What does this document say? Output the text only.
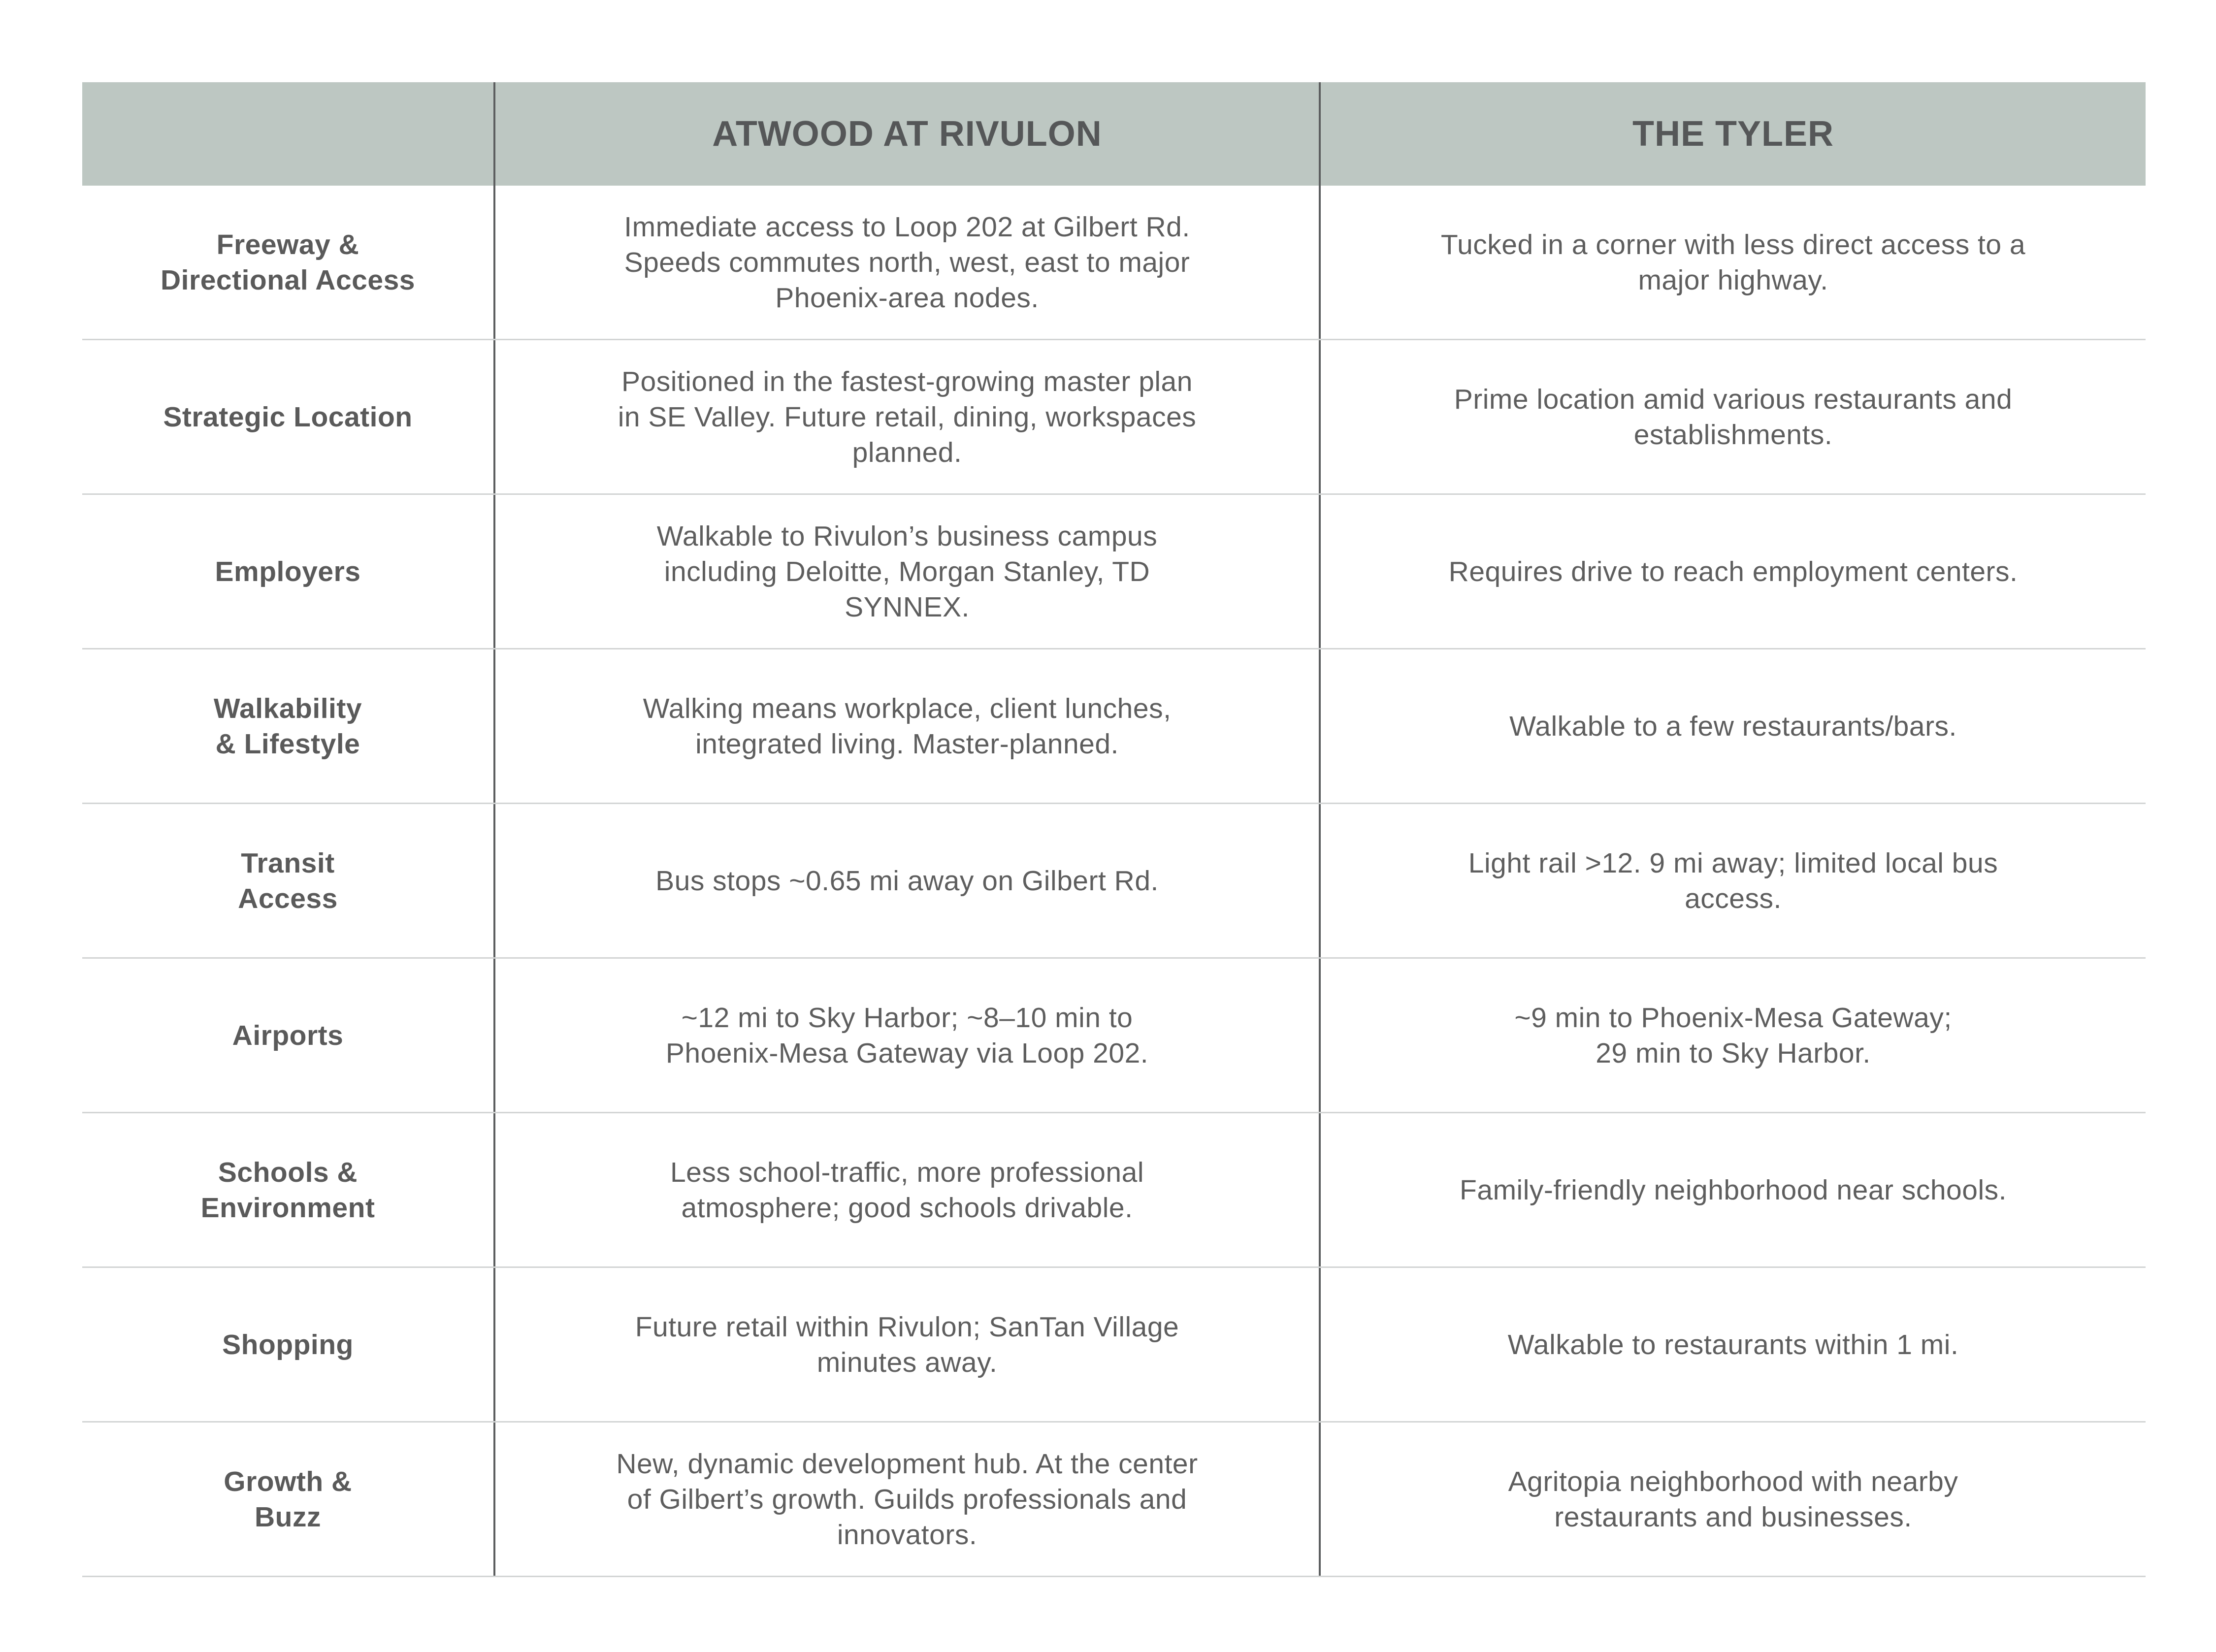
ATWOOD AT RIVULON	THE TYLER
Freeway &
Directional Access
Immediate access to Loop 202 at Gilbert Rd.
Speeds commutes north, west, east to major
Phoenix-area nodes.
Tucked in a corner with less direct access to a
major highway.
Strategic Location
Positioned in the fastest-growing master plan
in SE Valley. Future retail, dining, workspaces
planned.
Prime location amid various restaurants and
establishments.
Employers
Walkable to Rivulon’s business campus
including Deloitte, Morgan Stanley, TD
SYNNEX.
Requires drive to reach employment centers.
Walkability
& Lifestyle
Walking means workplace, client lunches,
integrated living. Master-planned.
Walkable to a few restaurants/bars.
Transit
Access
Bus stops ~0.65 mi away on Gilbert Rd.
Light rail >12. 9 mi away; limited local bus
access.
Airports
~12 mi to Sky Harbor; ~8–10 min to
Phoenix-Mesa Gateway via Loop 202.
~9 min to Phoenix-Mesa Gateway;
29 min to Sky Harbor.
Schools &
Environment
Less school-traffic, more professional
atmosphere; good schools drivable.
Family-friendly neighborhood near schools.
Shopping
Future retail within Rivulon; SanTan Village
minutes away.
Walkable to restaurants within 1 mi.
Growth &
Buzz
New, dynamic development hub. At the center
of Gilbert’s growth. Guilds professionals and
innovators.
Agritopia neighborhood with nearby
restaurants and businesses.
